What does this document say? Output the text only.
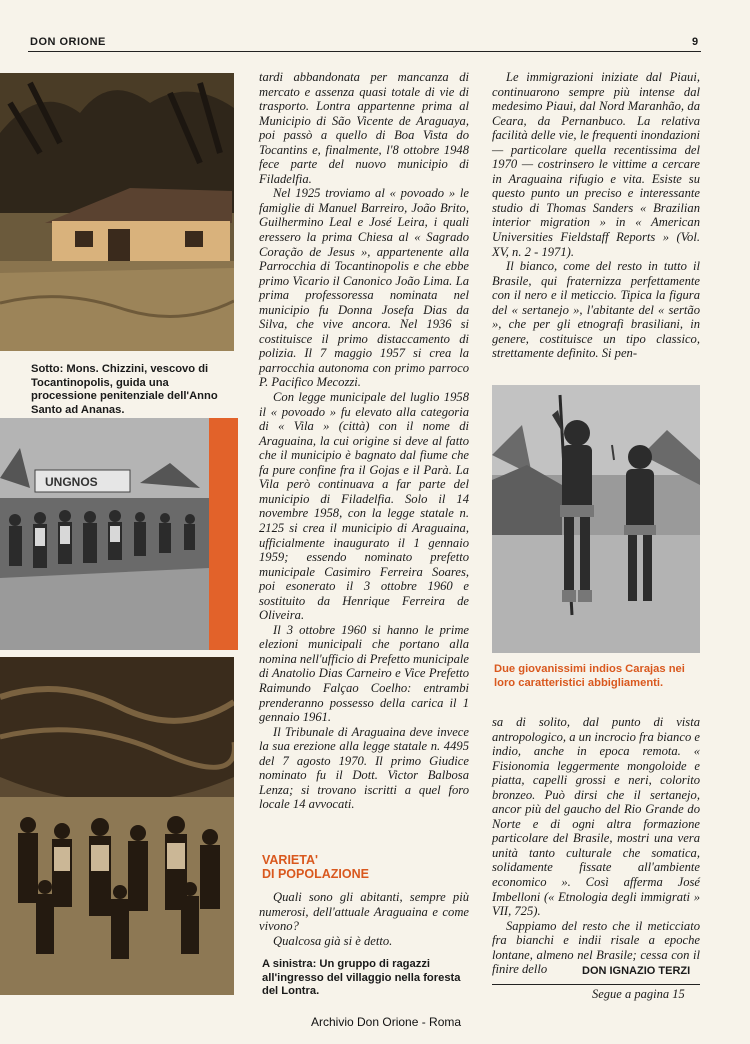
DON ORIONE	9
Sotto: Mons. Chizzini, vescovo di Tocantinopolis, guida una processione penitenziale dell'Anno Santo ad Ananas.
UNGNOS
A sinistra: Un gruppo di ragazzi all'ingresso del villaggio nella foresta del Lontra.

tardi abbandonata per mancanza di mercato e assenza quasi totale di vie di trasporto. Lontra appartenne prima al Municipio di São Vicente de Araguaya, poi passò a quello di Boa Vista do Tocantins e, finalmente, l'8 ottobre 1948 fece parte del nuovo municipio di Filadelfia.

Nel 1925 troviamo al « povoado » le famiglie di Manuel Barreiro, João Brito, Guilhermino Leal e José Leira, i quali eressero la prima Chiesa al « Sagrado Coração de Jesus », appartenente alla Parrocchia di Tocantinopolis e che ebbe primo Vicario il Canonico João Lima. La prima professoressa nominata nel municipio fu Donna Josefa Dias da Silva, che vive ancora. Nel 1936 si costituisce il primo distaccamento di polizia. Il 7 maggio 1957 si crea la parrocchia autonoma con primo parroco P. Pacifico Mecozzi.

Con legge municipale del luglio 1958 il « povoado » fu elevato alla categoria di « Vila » (città) con il nome di Araguaina, la cui origine si deve al fatto che il municipio è bagnato dal fiume che fa pure confine fra il Gojas e il Parà. La Vila però continuava a far parte del municipio di Filadelfia. Solo il 14 novembre 1958, con la legge statale n. 2125 si crea il municipio di Araguaina, ufficialmente inaugurato il 1 gennaio 1959; essendo nominato prefetto municipale Casimiro Ferreira Soares, poi esonerato il 3 ottobre 1960 e sostituito da Henrique Ferreira de Oliveira.

Il 3 ottobre 1960 si hanno le prime elezioni municipali che portano alla nomina nell'ufficio di Prefetto municipale di Anatolio Dias Carneiro e Vice Prefetto Raimundo Falçao Coelho: entrambi prenderanno possesso della carica il 1 gennaio 1961.

Il Tribunale di Araguaina deve invece la sua erezione alla legge statale n. 4495 del 7 agosto 1970. Il primo Giudice nominato fu il Dott. Victor Balbosa Lenza; si trovano iscritti a quel foro locale 14 avvocati.

VARIETA'
DI POPOLAZIONE

Quali sono gli abitanti, sempre più numerosi, dell'attuale Araguaina e come vivono?

Qualcosa già si è detto.

Le immigrazioni iniziate dal Piaui, continuarono sempre più intense dal medesimo Piaui, dal Nord Maranhão, da Ceara, da Pernanbuco. La relativa facilità delle vie, le frequenti inondazioni — particolare quella recentissima del 1970 — costrinsero le vittime a cercare in Araguaina rifugio e vita. Esiste su questo punto un preciso e interessante studio di Thomas Sanders « Brazilian interior migration » in « American Universities Fieldstaff Reports » (Vol. XV, n. 2 - 1971).

Il bianco, come del resto in tutto il Brasile, qui fraternizza perfettamente con il nero e il meticcio. Tipica la figura del « sertanejo », l'abitante del « sertão », che per gli etnografi brasiliani, in genere, costituisce un tipo classico, strettamente definito. Si pen-

Due giovanissimi indios Carajas nei loro caratteristici abbigliamenti.

sa di solito, dal punto di vista antropologico, a un incrocio fra bianco e indio, anche in epoca remota. « Fisionomia leggermente mongoloide e piatta, capelli grossi e neri, colorito bronzeo. Può dirsi che il sertanejo, ancor più del gaucho del Rio Grande do Norte e di ogni altra formazione particolare del Brasile, mostri una vera unità tanto culturale che somatica, solidamente fissate all'ambiente economico ». Così afferma José Imbelloni (« Etnologia degli immigrati » VII, 725).

Sappiamo del resto che il meticciato fra bianchi e indii risale a epoche lontane, almeno nel Brasile; cessa con il finire dello	DON IGNAZIO TERZI
Segue a pagina 15
Archivio Don Orione - Roma
